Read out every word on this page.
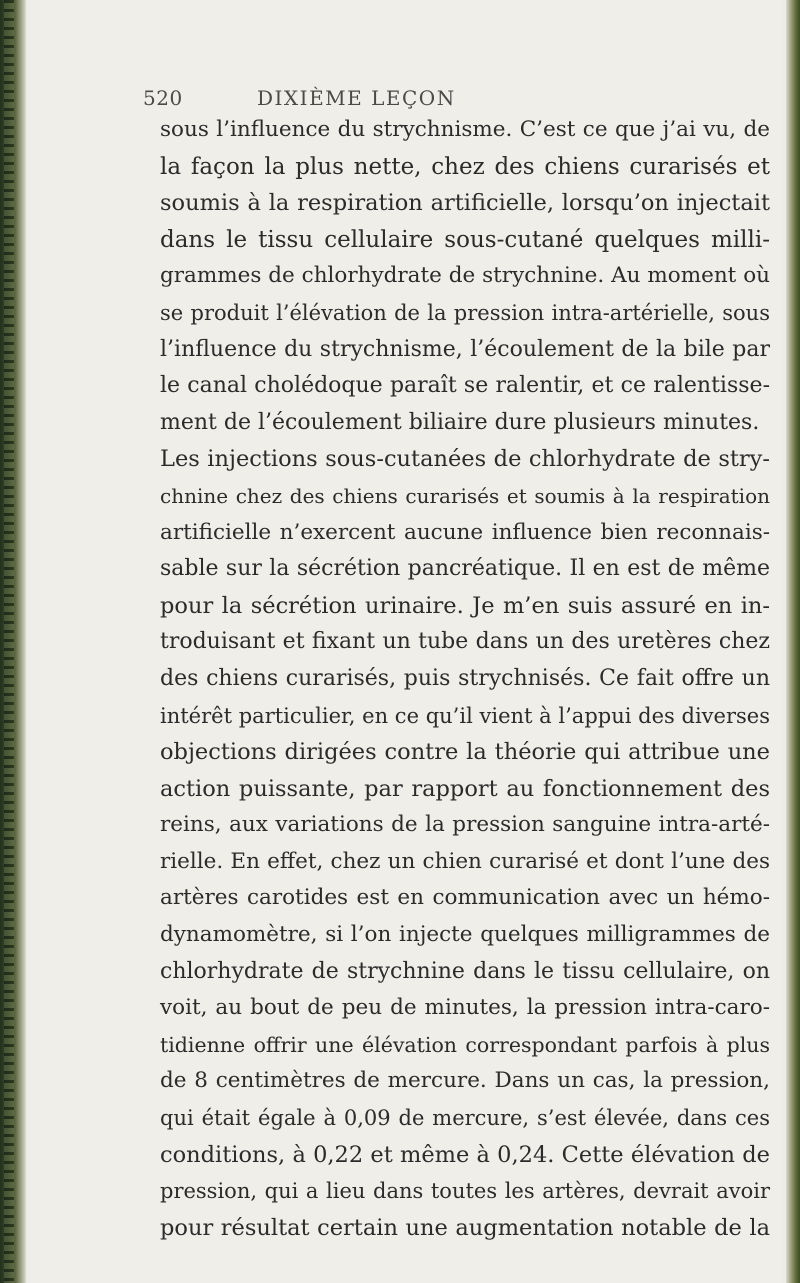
520	DIXIÈME LEÇON
sous l’influence du strychnisme. C’est ce que j’ai vu, de
la façon la plus nette, chez des chiens curarisés et
soumis à la respiration artificielle, lorsqu’on injectait
dans le tissu cellulaire sous-cutané quelques milli-
grammes de chlorhydrate de strychnine. Au moment où
se produit l’élévation de la pression intra-artérielle, sous
l’influence du strychnisme, l’écoulement de la bile par
le canal cholédoque paraît se ralentir, et ce ralentisse-
ment de l’écoulement biliaire dure plusieurs minutes.
Les injections sous-cutanées de chlorhydrate de stry-
chnine chez des chiens curarisés et soumis à la respiration
artificielle n’exercent aucune influence bien reconnais-
sable sur la sécrétion pancréatique. Il en est de même
pour la sécrétion urinaire. Je m’en suis assuré en in-
troduisant et fixant un tube dans un des uretères chez
des chiens curarisés, puis strychnisés. Ce fait offre un
intérêt particulier, en ce qu’il vient à l’appui des diverses
objections dirigées contre la théorie qui attribue une
action puissante, par rapport au fonctionnement des
reins, aux variations de la pression sanguine intra-arté-
rielle. En effet, chez un chien curarisé et dont l’une des
artères carotides est en communication avec un hémo-
dynamomètre, si l’on injecte quelques milligrammes de
chlorhydrate de strychnine dans le tissu cellulaire, on
voit, au bout de peu de minutes, la pression intra-caro-
tidienne offrir une élévation correspondant parfois à plus
de 8 centimètres de mercure. Dans un cas, la pression,
qui était égale à 0,09 de mercure, s’est élevée, dans ces
conditions, à 0,22 et même à 0,24. Cette élévation de
pression, qui a lieu dans toutes les artères, devrait avoir
pour résultat certain une augmentation notable de la
